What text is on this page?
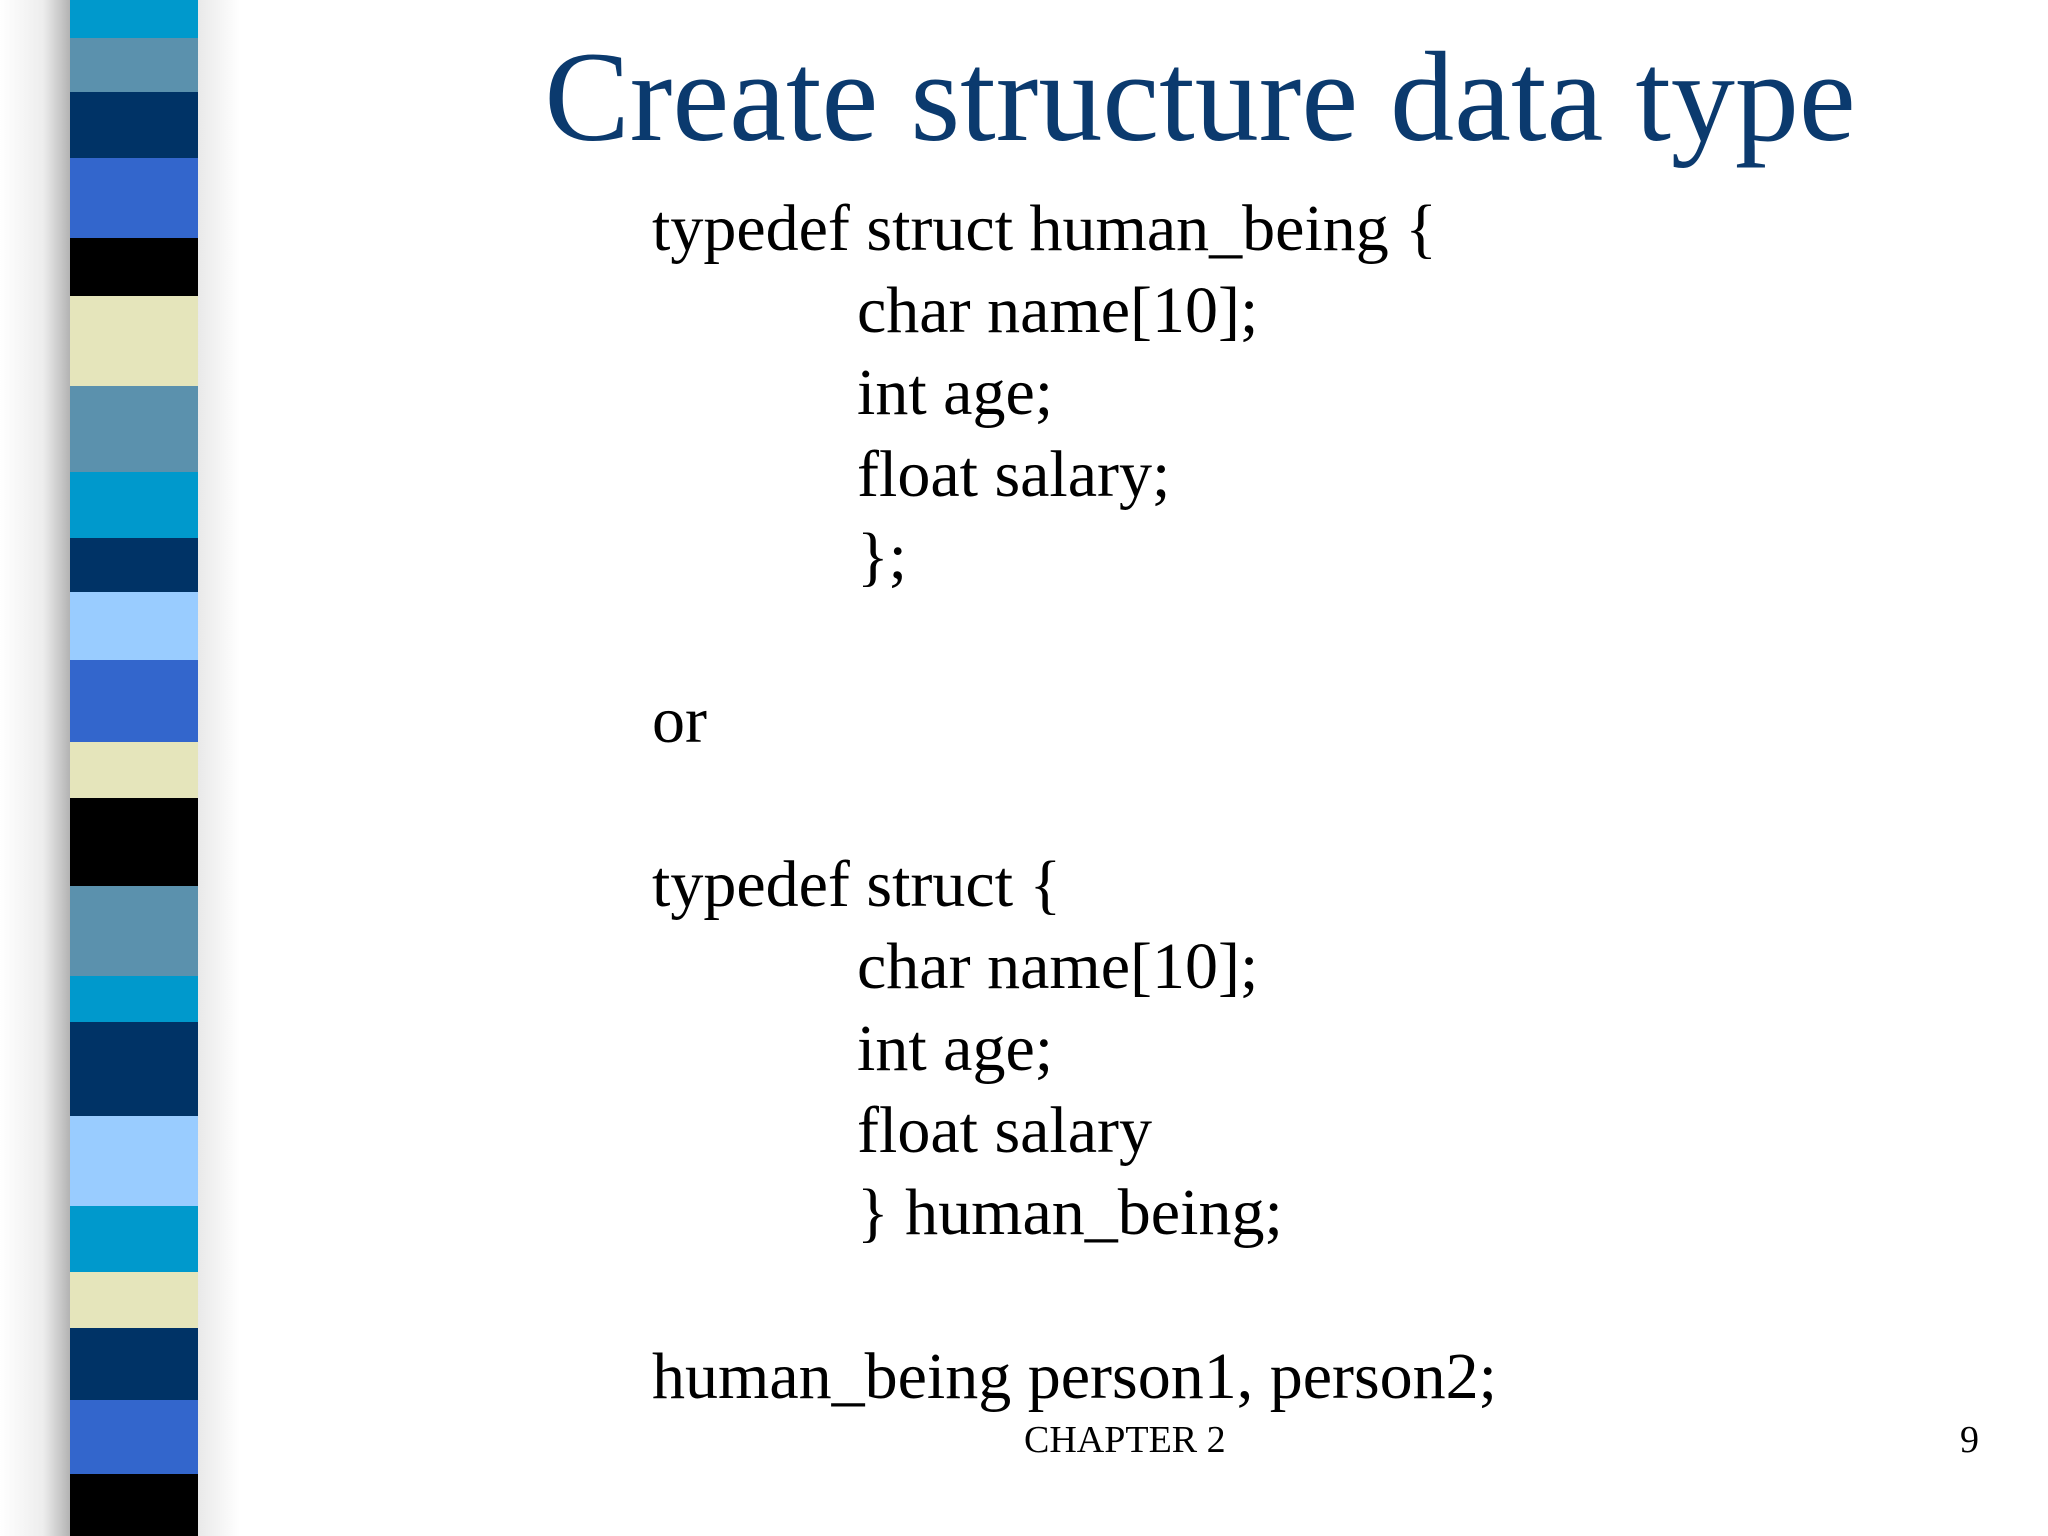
Create structure data type
typedef struct human_being {
char name[10];
int age;
float salary;
};
or
typedef struct {
char name[10];
int age;
float salary
} human_being;
human_being person1, person2;
CHAPTER 2	9
